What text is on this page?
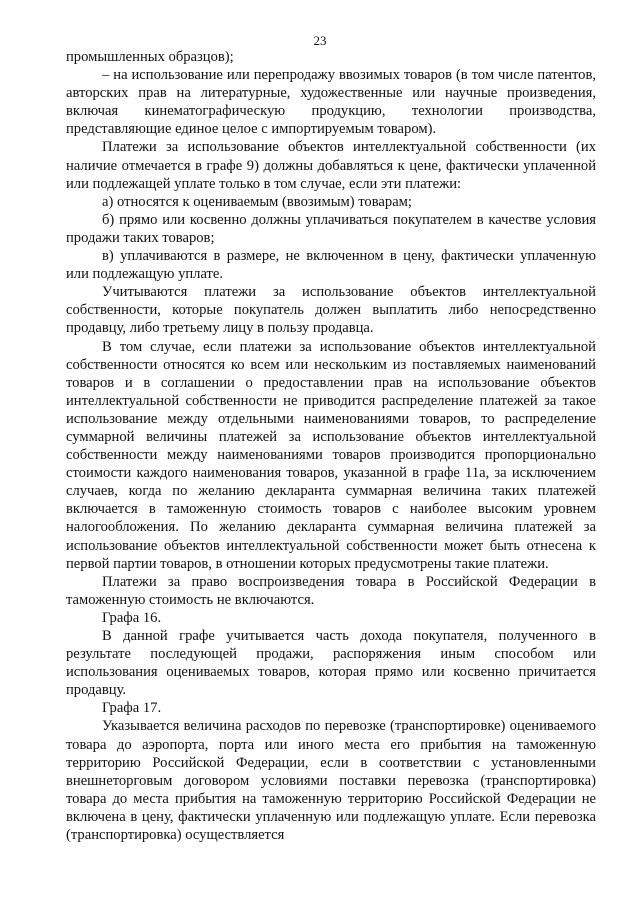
23

промышленных образцов);

– на использование или перепродажу ввозимых товаров (в том числе патентов, авторских прав на литературные, художественные или научные произведения, включая кинематографическую продукцию, технологии производства, представляющие единое целое с импортируемым товаром).

Платежи за использование объектов интеллектуальной собственности (их наличие отмечается в графе 9) должны добавляться к цене, фактически уплаченной или подлежащей уплате только в том случае, если эти платежи:

а) относятся к оцениваемым (ввозимым) товарам;

б) прямо или косвенно должны уплачиваться покупателем в качестве условия продажи таких товаров;

в) уплачиваются в размере, не включенном в цену, фактически уплаченную или подлежащую уплате.

Учитываются платежи за использование объектов интеллектуальной собственности, которые покупатель должен выплатить либо непосредственно продавцу, либо третьему лицу в пользу продавца.

В том случае, если платежи за использование объектов интеллектуальной собственности относятся ко всем или нескольким из поставляемых наименований товаров и в соглашении о предоставлении прав на использование объектов интеллектуальной собственности не приводится распределение платежей за такое использование между отдельными наименованиями товаров, то распределение суммарной величины платежей за использование объектов интеллектуальной собственности между наименованиями товаров производится пропорционально стоимости каждого наименования товаров, указанной в графе 11а, за исключением случаев, когда по желанию декларанта суммарная величина таких платежей включается в таможенную стоимость товаров с наиболее высоким уровнем налогообложения. По желанию декларанта суммарная величина платежей за использование объектов интеллектуальной собственности может быть отнесена к первой партии товаров, в отношении которых предусмотрены такие платежи.

Платежи за право воспроизведения товара в Российской Федерации в таможенную стоимость не включаются.

Графа 16.

В данной графе учитывается часть дохода покупателя, полученного в результате последующей продажи, распоряжения иным способом или использования оцениваемых товаров, которая прямо или косвенно причитается продавцу.

Графа 17.

Указывается величина расходов по перевозке (транспортировке) оцениваемого товара до аэропорта, порта или иного места его прибытия на таможенную территорию Российской Федерации, если в соответствии с установленными внешнеторговым договором условиями поставки перевозка (транспортировка) товара до места прибытия на таможенную территорию Российской Федерации не включена в цену, фактически уплаченную или подлежащую уплате. Если перевозка (транспортировка) осуществляется
